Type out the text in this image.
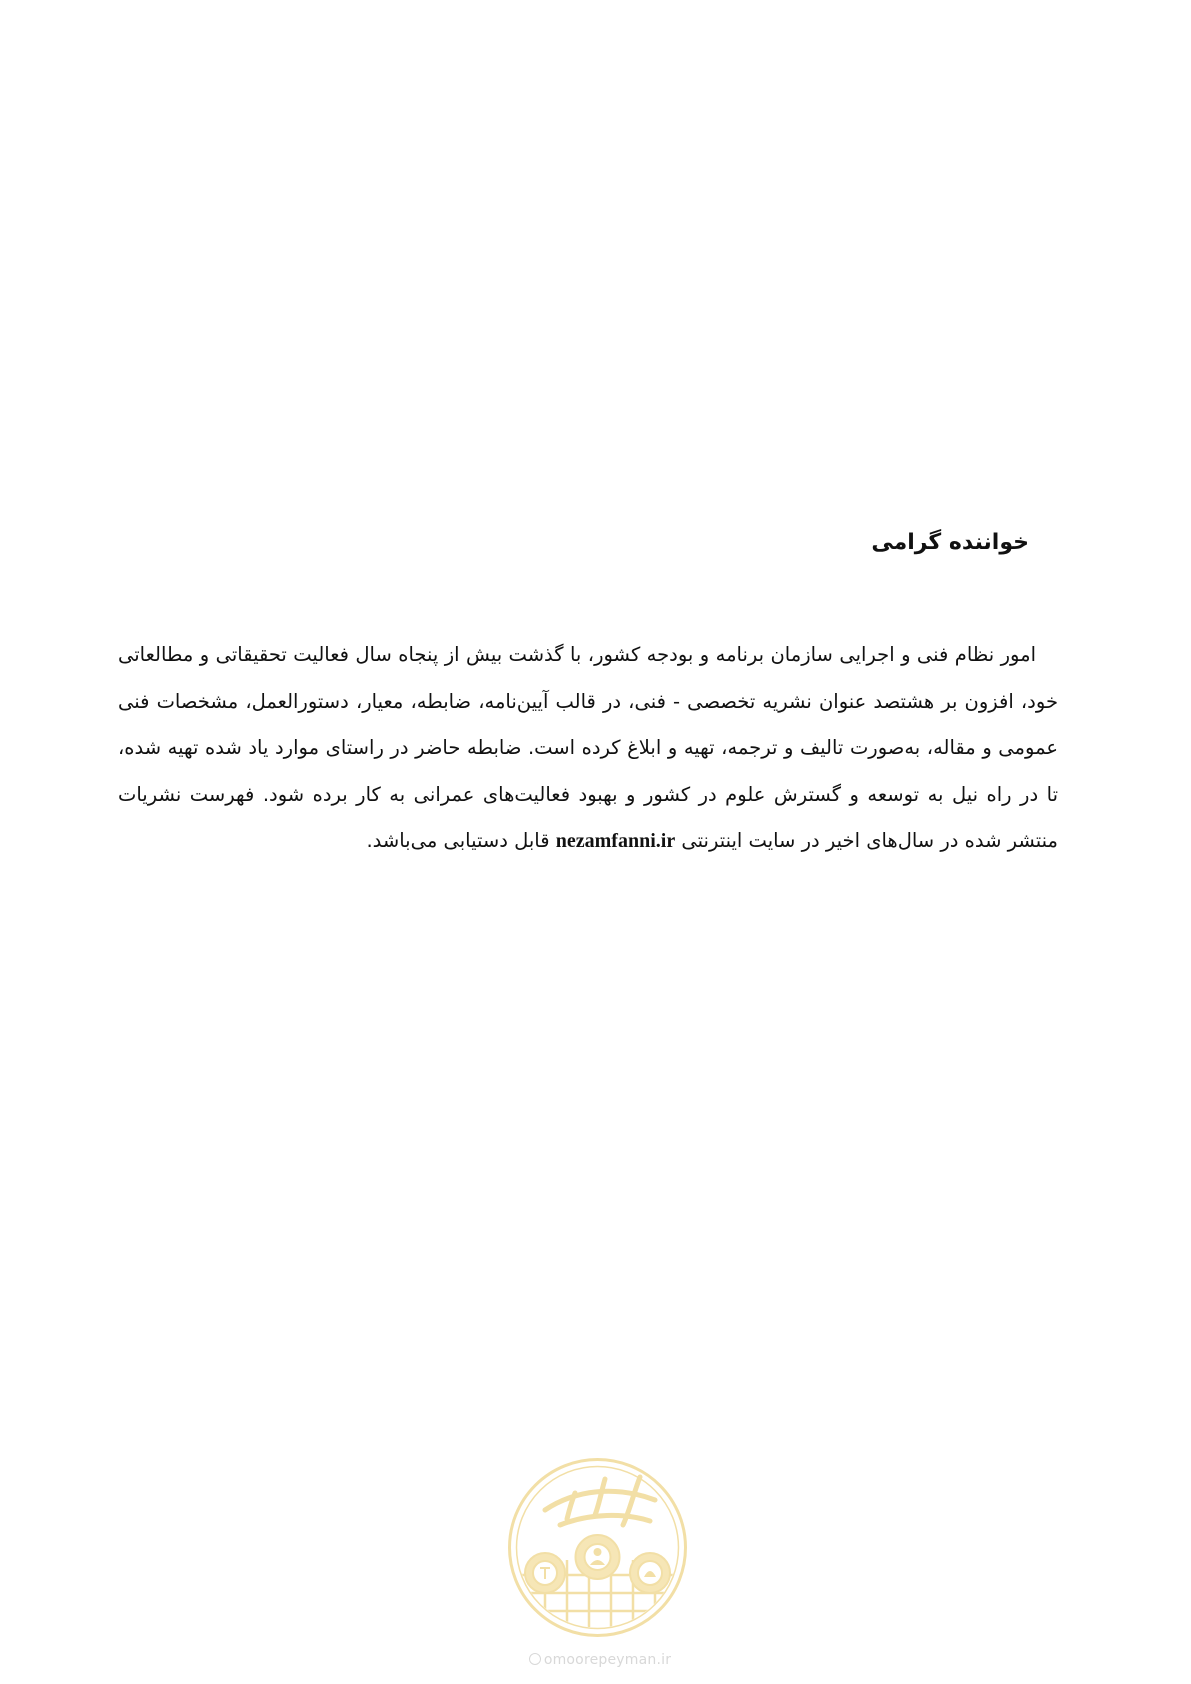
خواننده گرامی

امور نظام فنی و اجرایی سازمان برنامه و بودجه کشور، با گذشت بیش از پنجاه سال فعالیت تحقیقاتی و مطالعاتی خود، افزون بر هشتصد عنوان نشریه تخصصی - فنی، در قالب آیین‌نامه، ضابطه، معیار، دستورالعمل، مشخصات فنی عمومی و مقاله، به‌صورت تالیف و ترجمه، تهیه و ابلاغ کرده است. ضابطه حاضر در راستای موارد یاد شده تهیه شده، تا در راه نیل به توسعه و گسترش علوم در کشور و بهبود فعالیت‌های عمرانی به کار برده شود. فهرست نشریات منتشر شده در سال‌های اخیر در سایت اینترنتی nezamfanni.ir قابل دستیابی می‌باشد.

omoorepeyman.ir
